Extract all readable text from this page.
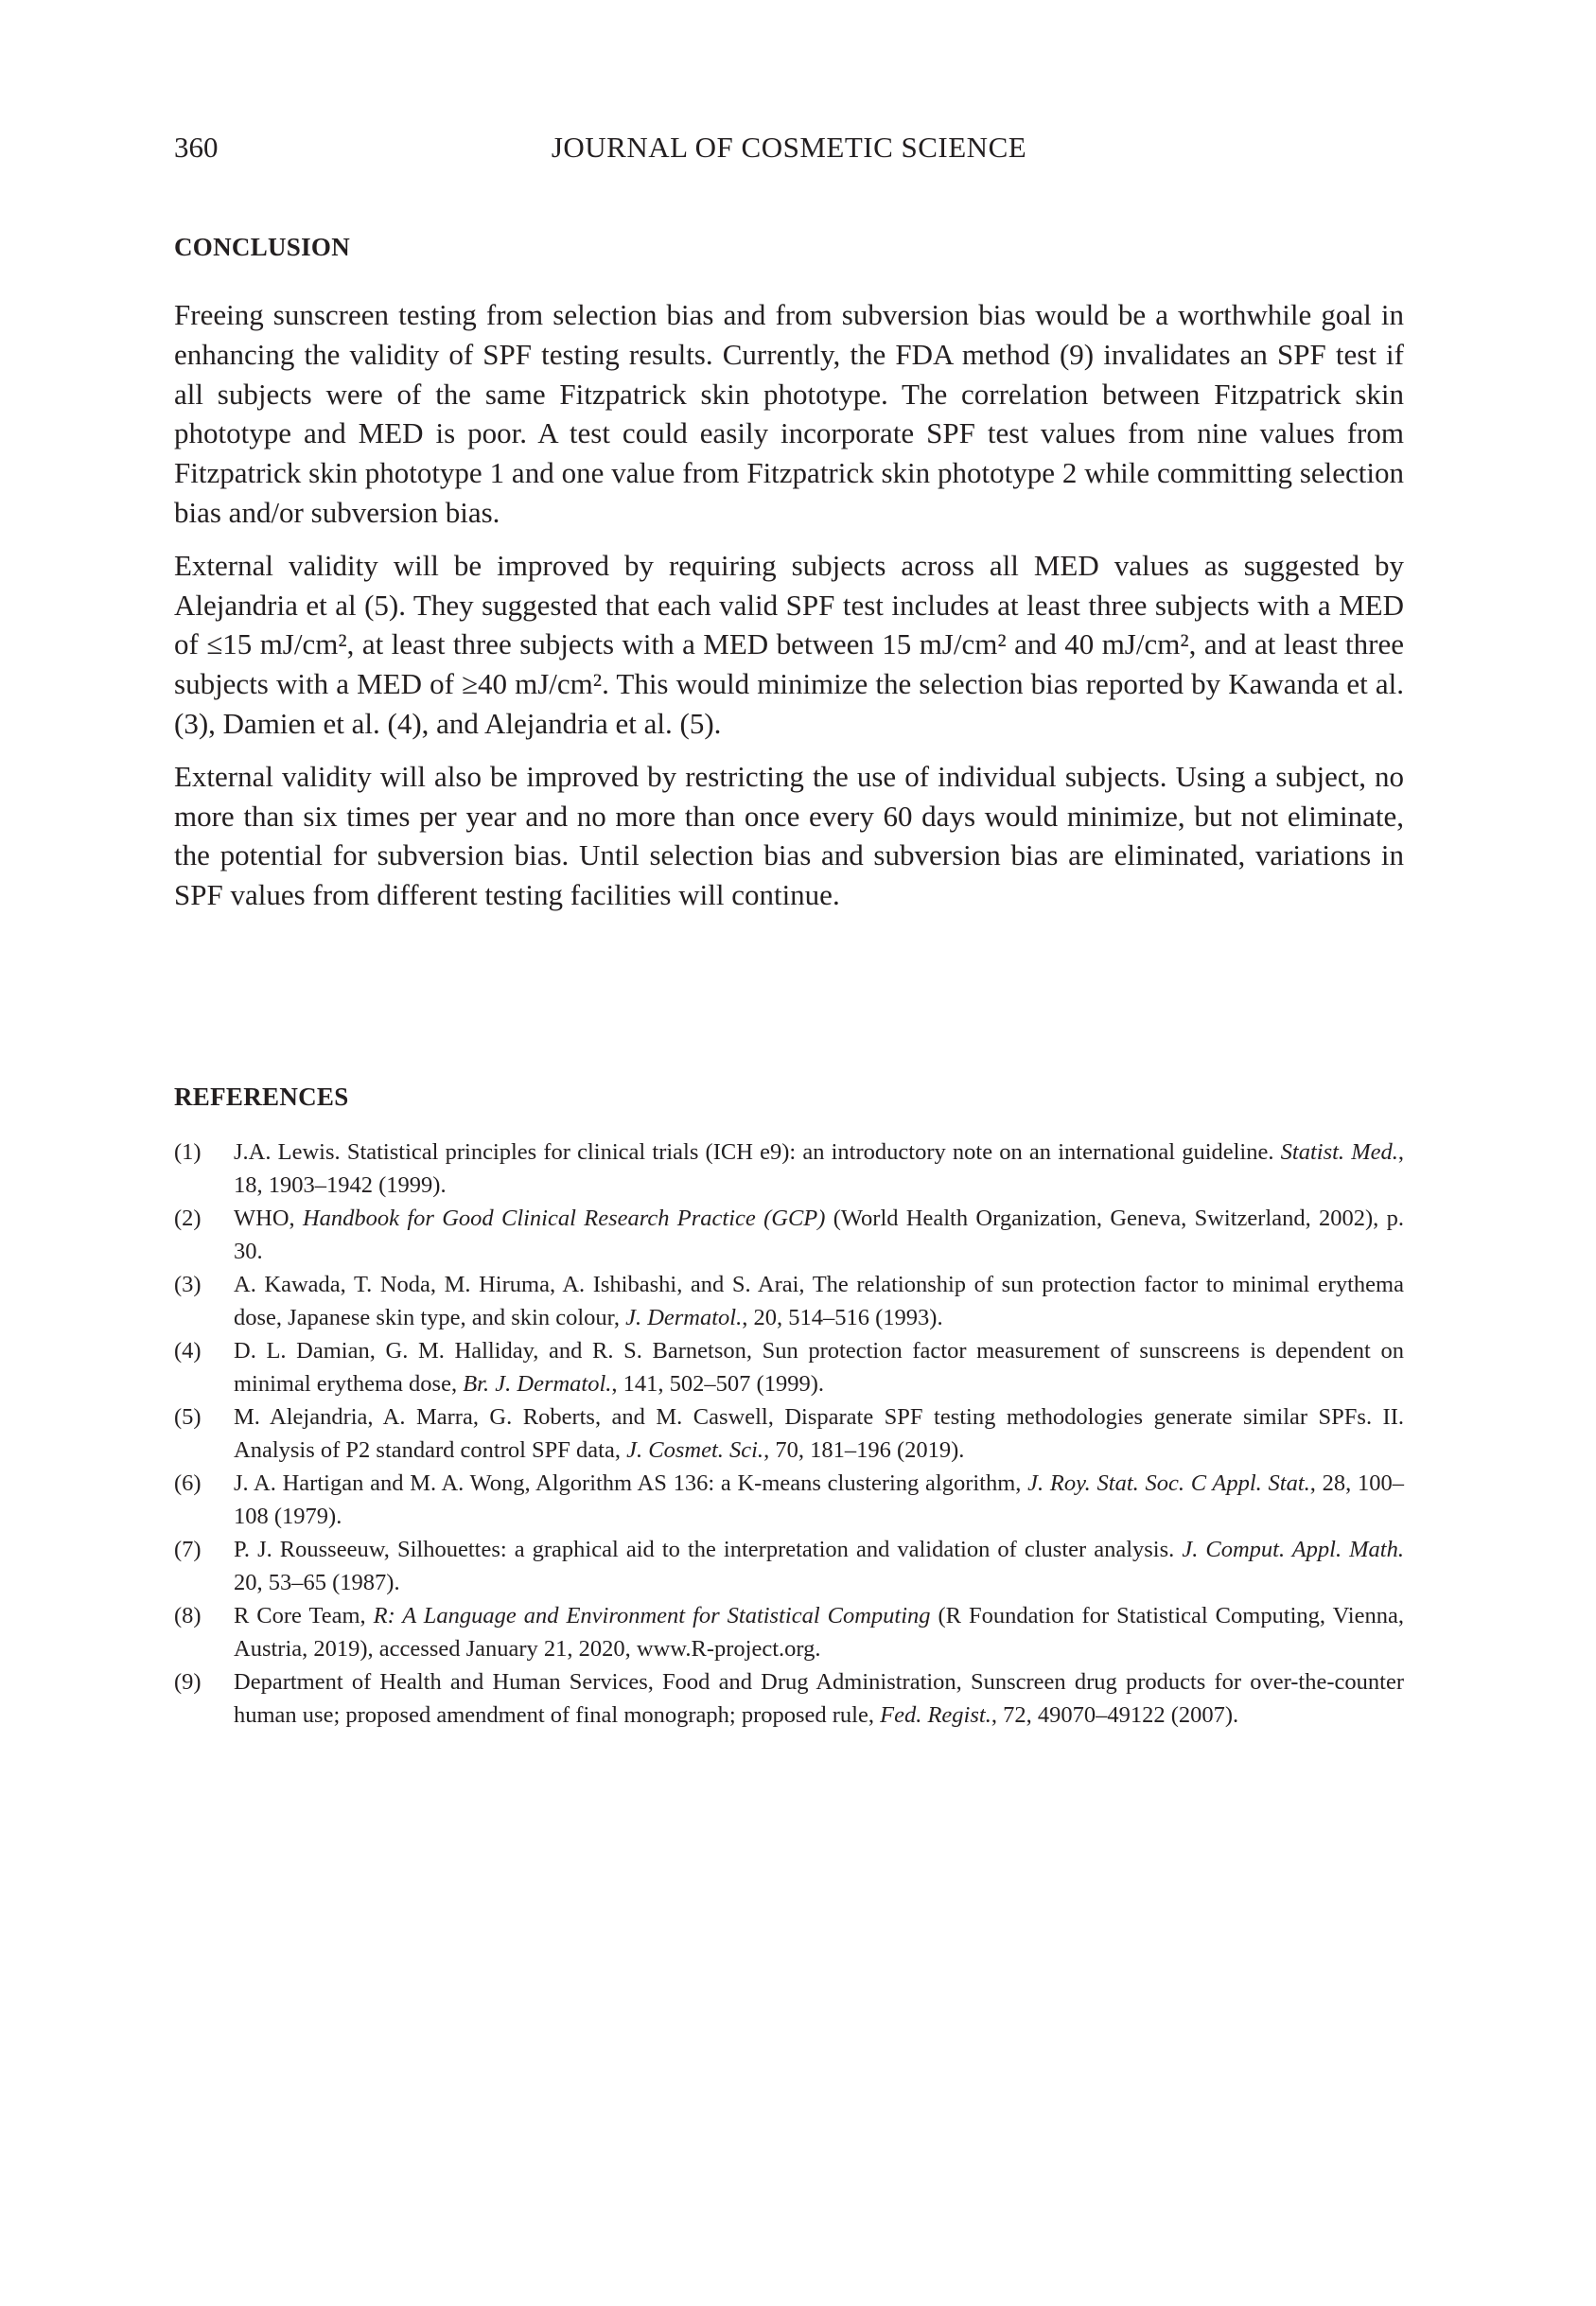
360	JOURNAL OF COSMETIC SCIENCE
CONCLUSION

Freeing sunscreen testing from selection bias and from subversion bias would be a worthwhile goal in enhancing the validity of SPF testing results. Currently, the FDA method (9) invalidates an SPF test if all subjects were of the same Fitzpatrick skin phototype. The correlation between Fitzpatrick skin phototype and MED is poor. A test could easily incorporate SPF test values from nine values from Fitzpatrick skin phototype 1 and one value from Fitzpatrick skin phototype 2 while committing selection bias and/or subversion bias.

External validity will be improved by requiring subjects across all MED values as suggested by Alejandria et al (5). They suggested that each valid SPF test includes at least three subjects with a MED of ≤15 mJ/cm², at least three subjects with a MED between 15 mJ/cm² and 40 mJ/cm², and at least three subjects with a MED of ≥40 mJ/cm². This would minimize the selection bias reported by Kawanda et al. (3), Damien et al. (4), and Alejandria et al. (5).

External validity will also be improved by restricting the use of individual subjects. Using a subject, no more than six times per year and no more than once every 60 days would minimize, but not eliminate, the potential for subversion bias. Until selection bias and subversion bias are eliminated, variations in SPF values from different testing facilities will continue.

REFERENCES

(1) J.A. Lewis. Statistical principles for clinical trials (ICH e9): an introductory note on an international guideline. Statist. Med., 18, 1903–1942 (1999).

(2) WHO, Handbook for Good Clinical Research Practice (GCP) (World Health Organization, Geneva, Switzerland, 2002), p. 30.

(3) A. Kawada, T. Noda, M. Hiruma, A. Ishibashi, and S. Arai, The relationship of sun protection factor to minimal erythema dose, Japanese skin type, and skin colour, J. Dermatol., 20, 514–516 (1993).

(4) D. L. Damian, G. M. Halliday, and R. S. Barnetson, Sun protection factor measurement of sunscreens is dependent on minimal erythema dose, Br. J. Dermatol., 141, 502–507 (1999).

(5) M. Alejandria, A. Marra, G. Roberts, and M. Caswell, Disparate SPF testing methodologies generate similar SPFs. II. Analysis of P2 standard control SPF data, J. Cosmet. Sci., 70, 181–196 (2019).

(6) J. A. Hartigan and M. A. Wong, Algorithm AS 136: a K-means clustering algorithm, J. Roy. Stat. Soc. C Appl. Stat., 28, 100–108 (1979).

(7) P. J. Rousseeuw, Silhouettes: a graphical aid to the interpretation and validation of cluster analysis. J. Comput. Appl. Math. 20, 53–65 (1987).

(8) R Core Team, R: A Language and Environment for Statistical Computing (R Foundation for Statistical Computing, Vienna, Austria, 2019), accessed January 21, 2020, www.R-project.org.

(9) Department of Health and Human Services, Food and Drug Administration, Sunscreen drug products for over-the-counter human use; proposed amendment of final monograph; proposed rule, Fed. Regist., 72, 49070–49122 (2007).
